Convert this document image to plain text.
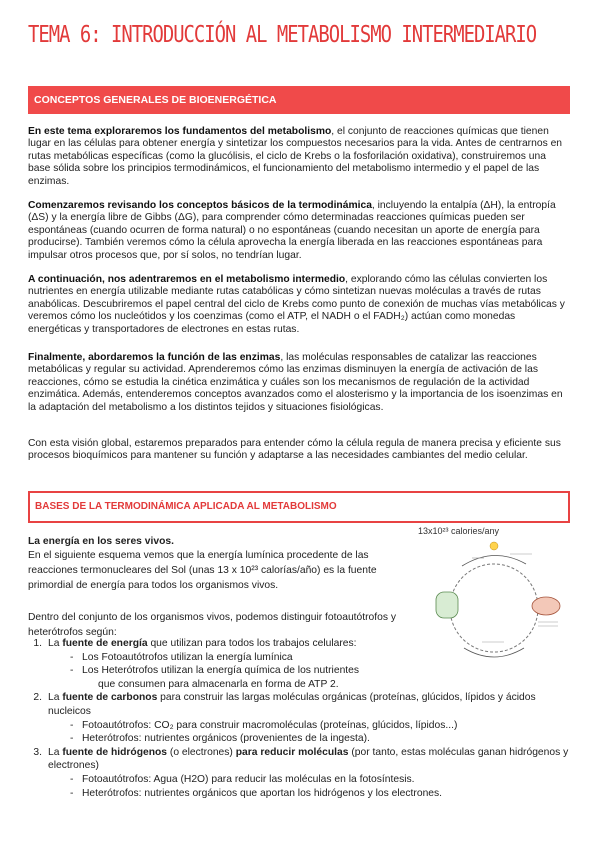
TEMA 6: INTRODUCCIÓN AL METABOLISMO INTERMEDIARIO
CONCEPTOS GENERALES DE BIOENERGÉTICA

En este tema exploraremos los fundamentos del metabolismo, el conjunto de reacciones químicas que tienen lugar en las células para obtener energía y sintetizar los compuestos necesarios para la vida. Antes de centrarnos en rutas metabólicas específicas (como la glucólisis, el ciclo de Krebs o la fosforilación oxidativa), construiremos una base sólida sobre los principios termodinámicos, el funcionamiento del metabolismo intermedio y el papel de las enzimas.

Comenzaremos revisando los conceptos básicos de la termodinámica, incluyendo la entalpía (ΔH), la entropía (ΔS) y la energía libre de Gibbs (ΔG), para comprender cómo determinadas reacciones químicas pueden ser espontáneas (cuando ocurren de forma natural) o no espontáneas (cuando necesitan un aporte de energía para producirse). También veremos cómo la célula aprovecha la energía liberada en las reacciones espontáneas para impulsar otros procesos que, por sí solos, no tendrían lugar.

A continuación, nos adentraremos en el metabolismo intermedio, explorando cómo las células convierten los nutrientes en energía utilizable mediante rutas catabólicas y cómo sintetizan nuevas moléculas a través de rutas anabólicas. Descubriremos el papel central del ciclo de Krebs como punto de conexión de muchas vías metabólicas y veremos cómo los nucleótidos y los coenzimas (como el ATP, el NADH o el FADH₂) actúan como monedas energéticas y transportadores de electrones en estas rutas.

Finalmente, abordaremos la función de las enzimas, las moléculas responsables de catalizar las reacciones metabólicas y regular su actividad. Aprenderemos cómo las enzimas disminuyen la energía de activación de las reacciones, cómo se estudia la cinética enzimática y cuáles son los mecanismos de regulación de la actividad enzimática. Además, entenderemos conceptos avanzados como el alosterismo y la importancia de los isoenzimas en la adaptación del metabolismo a los distintos tejidos y situaciones fisiológicas.

Con esta visión global, estaremos preparados para entender cómo la célula regula de manera precisa y eficiente sus procesos bioquímicos para mantener su función y adaptarse a las necesidades cambiantes del medio celular.

BASES DE LA TERMODINÁMICA APLICADA AL METABOLISMO

La energía en los seres vivos.

En el siguiente esquema vemos que la energía lumínica procedente de las reacciones termonucleares del Sol (unas 13 x 10²³ calorías/año) es la fuente primordial de energía para todos los organismos vivos.

Dentro del conjunto de los organismos vivos, podemos distinguir fotoautótrofos y heterótrofos según:

13x10²³ calories/any
1. La fuente de energía que utilizan para todos los trabajos celulares:
- Los Fotoautótrofos utilizan la energía lumínica
- Los Heterótrofos utilizan la energía química de los nutrientes
que consumen para almacenarla en forma de ATP 2.
2. La fuente de carbonos para construir las largas moléculas orgánicas (proteínas, glúcidos, lípidos y ácidos nucleicos
- Fotoautótrofos: CO₂ para construir macromoléculas (proteínas, glúcidos, lípidos...)
- Heterótrofos: nutrientes orgánicos (provenientes de la ingesta).
3. La fuente de hidrógenos (o electrones) para reducir moléculas (por tanto, estas moléculas ganan hidrógenos y electrones)
- Fotoautótrofos: Agua (H2O) para reducir las moléculas en la fotosíntesis.
- Heterótrofos: nutrientes orgánicos que aportan los hidrógenos y los electrones.
